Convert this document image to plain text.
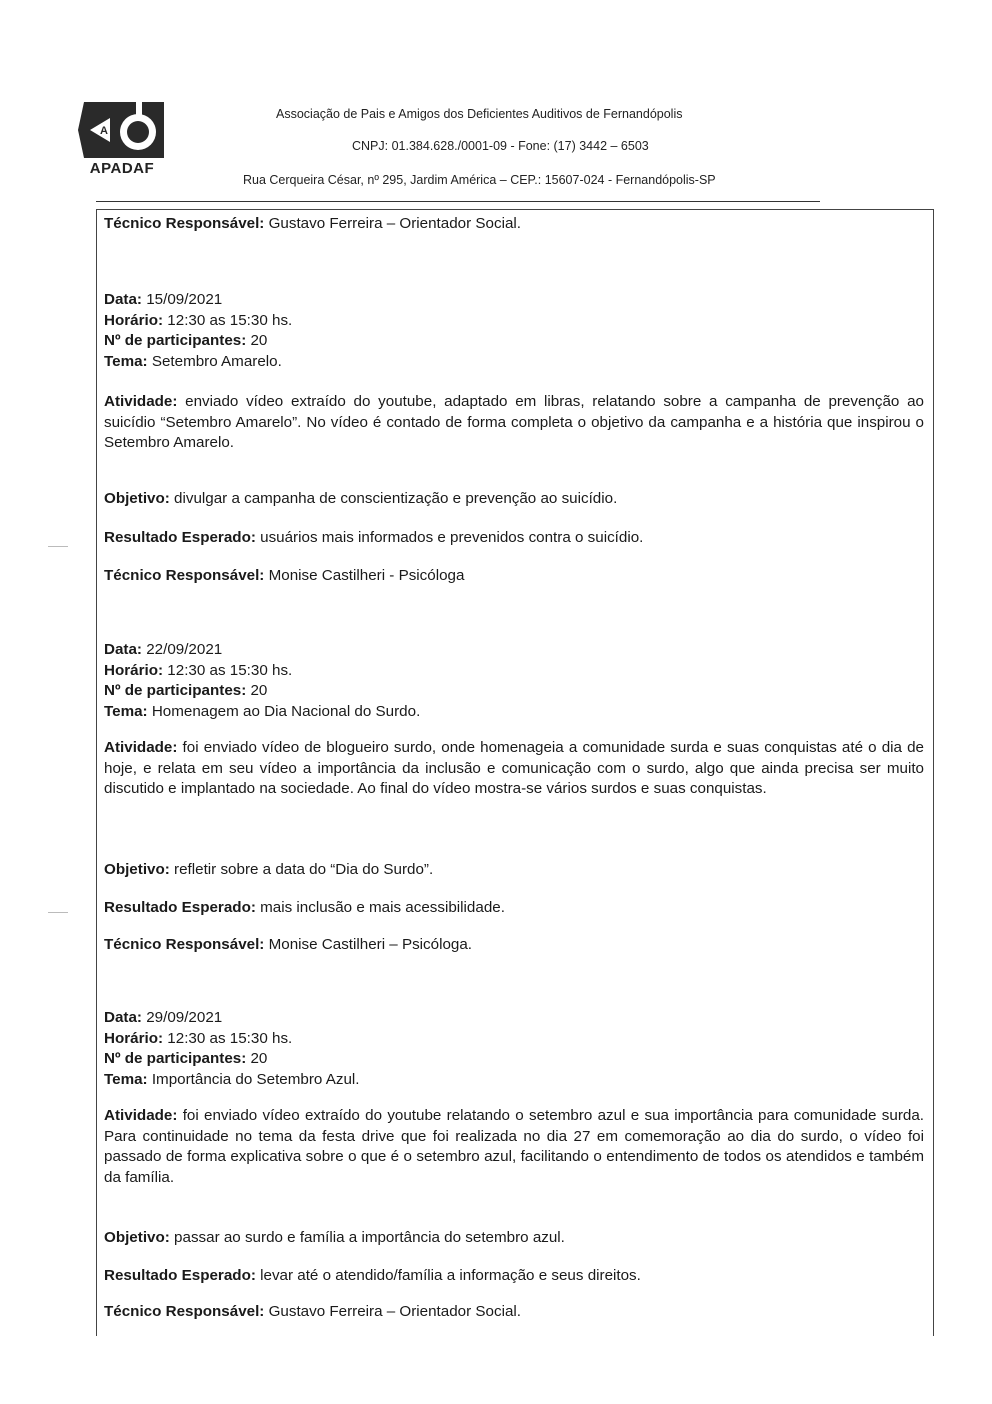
A
APADAF
Associação de Pais e Amigos dos Deficientes Auditivos de Fernandópolis
CNPJ: 01.384.628./0001-09 - Fone: (17) 3442 – 6503
Rua Cerqueira César, nº 295, Jardim América – CEP.: 15607-024 - Fernandópolis-SP

Técnico Responsável: Gustavo Ferreira – Orientador Social.

Data: 15/09/2021

Horário: 12:30 as 15:30 hs.

Nº de participantes: 20

Tema: Setembro Amarelo.

Atividade: enviado vídeo extraído do youtube, adaptado em libras, relatando sobre a campanha de prevenção ao suicídio “Setembro Amarelo”. No vídeo é contado de forma completa o objetivo da campanha e a história que inspirou o Setembro Amarelo.

Objetivo: divulgar a campanha de conscientização e prevenção ao suicídio.

Resultado Esperado: usuários mais informados e prevenidos contra o suicídio.

Técnico Responsável: Monise Castilheri - Psicóloga

Data: 22/09/2021

Horário: 12:30 as 15:30 hs.

Nº de participantes: 20

Tema: Homenagem ao Dia Nacional do Surdo.

Atividade: foi enviado vídeo de blogueiro surdo, onde homenageia a comunidade surda e suas conquistas até o dia de hoje, e relata em seu vídeo a importância da inclusão e comunicação com o surdo, algo que ainda precisa ser muito discutido e implantado na sociedade. Ao final do vídeo mostra-se vários surdos e suas conquistas.

Objetivo: refletir sobre a data do “Dia do Surdo”.

Resultado Esperado: mais inclusão e mais acessibilidade.

Técnico Responsável: Monise Castilheri – Psicóloga.

Data: 29/09/2021

Horário: 12:30 as 15:30 hs.

Nº de participantes: 20

Tema: Importância do Setembro Azul.

Atividade: foi enviado vídeo extraído do youtube relatando o setembro azul e sua importância para comunidade surda. Para continuidade no tema da festa drive que foi realizada no dia 27 em comemoração ao dia do surdo, o vídeo foi passado de forma explicativa sobre o que é o setembro azul, facilitando o entendimento de todos os atendidos e também da família.

Objetivo: passar ao surdo e família a importância do setembro azul.

Resultado Esperado: levar até o atendido/família a informação e seus direitos.

Técnico Responsável: Gustavo Ferreira – Orientador Social.
